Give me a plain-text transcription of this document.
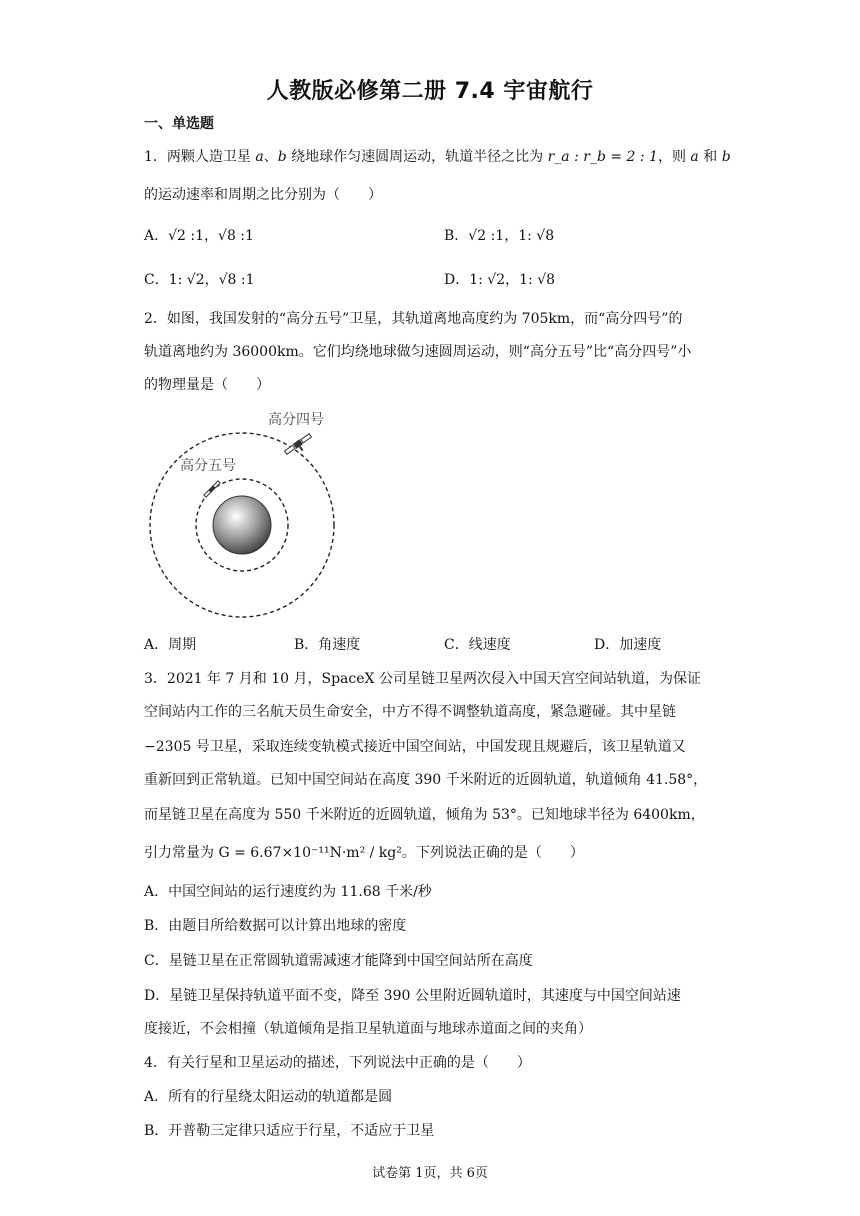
人教版必修第二册 7.4 宇宙航行
一、单选题
1．两颗人造卫星 a、b 绕地球作匀速圆周运动，轨道半径之比为 r_a : r_b = 2 : 1，则 a 和 b
的运动速率和周期之比分别为（　　）
A．√2 :1，√8 :1	B．√2 :1，1: √8
C．1: √2，√8 :1	D．1: √2，1: √8
2．如图，我国发射的“高分五号”卫星，其轨道离地高度约为 705km，而“高分四号”的
轨道离地约为 36000km。它们均绕地球做匀速圆周运动，则“高分五号”比“高分四号”小
的物理量是（　　）
高分四号
高分五号
A．周期	B．角速度	C．线速度	D．加速度
3．2021 年 7 月和 10 月，SpaceX 公司星链卫星两次侵入中国天宫空间站轨道，为保证
空间站内工作的三名航天员生命安全，中方不得不调整轨道高度，紧急避碰。其中星链
−2305 号卫星，采取连续变轨模式接近中国空间站，中国发现且规避后，该卫星轨道又
重新回到正常轨道。已知中国空间站在高度 390 千米附近的近圆轨道，轨道倾角 41.58°，
而星链卫星在高度为 550 千米附近的近圆轨道，倾角为 53°。已知地球半径为 6400km，
引力常量为 G = 6.67×10⁻¹¹N·m² / kg²。下列说法正确的是（　　）
A．中国空间站的运行速度约为 11.68 千米/秒
B．由题目所给数据可以计算出地球的密度
C．星链卫星在正常圆轨道需减速才能降到中国空间站所在高度
D．星链卫星保持轨道平面不变，降至 390 公里附近圆轨道时，其速度与中国空间站速
度接近，不会相撞（轨道倾角是指卫星轨道面与地球赤道面之间的夹角）
4．有关行星和卫星运动的描述，下列说法中正确的是（　　）
A．所有的行星绕太阳运动的轨道都是圆
B．开普勒三定律只适应于行星，不适应于卫星
试卷第 1页，共 6页
